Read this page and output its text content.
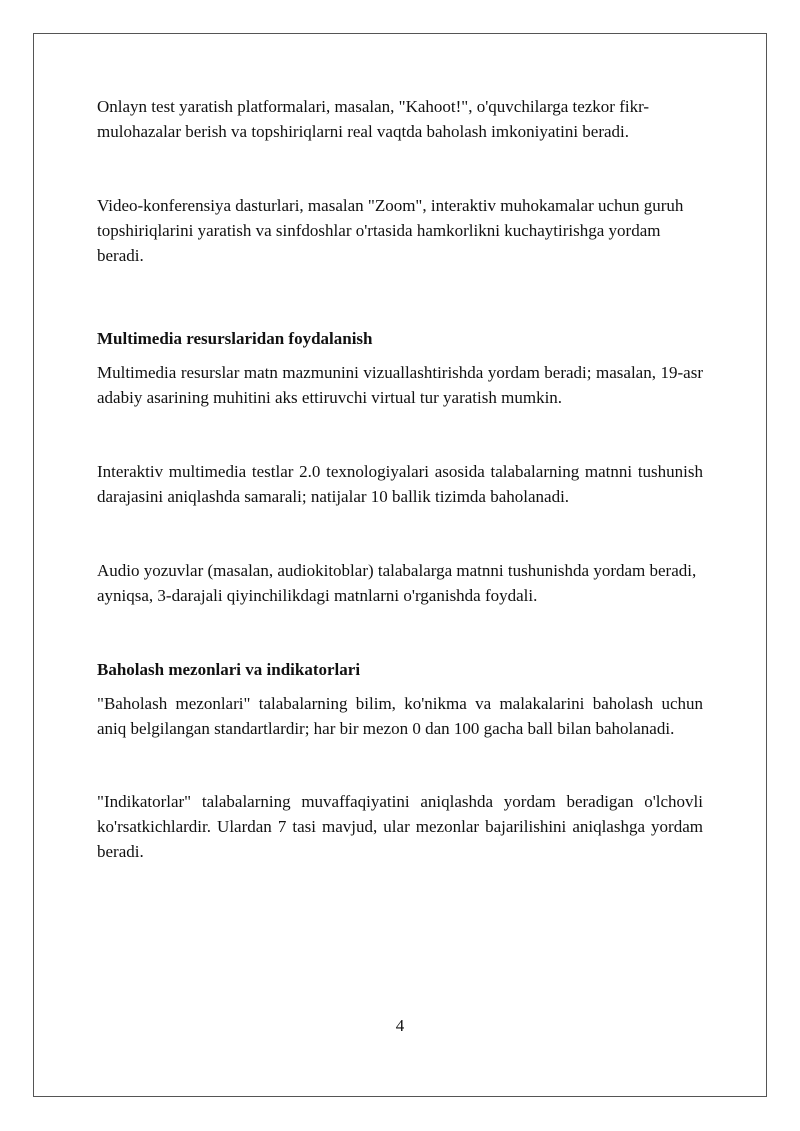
Onlayn test yaratish platformalari, masalan, "Kahoot!", o'quvchilarga tezkor fikr-mulohazalar berish va topshiriqlarni real vaqtda baholash imkoniyatini beradi.

Video-konferensiya dasturlari, masalan "Zoom", interaktiv muhokamalar uchun guruh topshiriqlarini yaratish va sinfdoshlar o'rtasida hamkorlikni kuchaytirishga yordam beradi.

Multimedia resurslaridan foydalanish

Multimedia resurslar matn mazmunini vizuallashtirishda yordam beradi; masalan, 19-asr adabiy asarining muhitini aks ettiruvchi virtual tur yaratish mumkin.

Interaktiv multimedia testlar 2.0 texnologiyalari asosida talabalarning matnni tushunish darajasini aniqlashda samarali; natijalar 10 ballik tizimda baholanadi.

Audio yozuvlar (masalan, audiokitoblar) talabalarga matnni tushunishda yordam beradi, ayniqsa, 3-darajali qiyinchilikdagi matnlarni o'rganishda foydali.

Baholash mezonlari va indikatorlari

"Baholash mezonlari" talabalarning bilim, ko'nikma va malakalarini baholash uchun aniq belgilangan standartlardir; har bir mezon 0 dan 100 gacha ball bilan baholanadi.

"Indikatorlar" talabalarning muvaffaqiyatini aniqlashda yordam beradigan o'lchovli ko'rsatkichlardir. Ulardan 7 tasi mavjud, ular mezonlar bajarilishini aniqlashga yordam beradi.

4
